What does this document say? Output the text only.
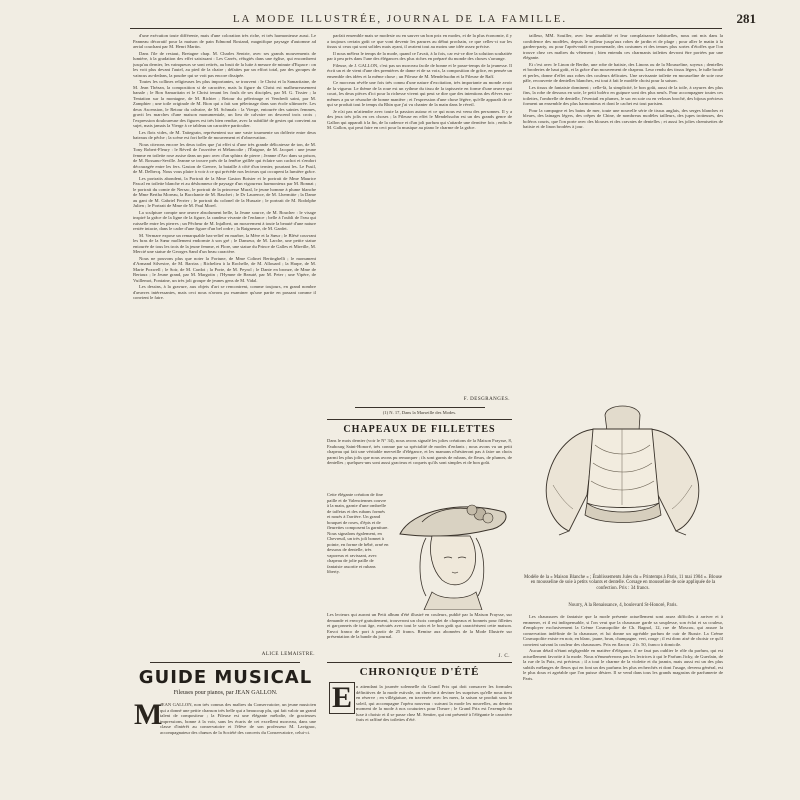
LA MODE ILLUSTRÉE, JOURNAL DE LA FAMILLE.	281

d'une exécution toute différente, mais d'une coloration très riche, et très harmonieuse aussi. Le Panneau décoratif pour la maison de pain Edmond Rostand, magnifique paysage d'automne ad aerial couchant par M. Henri Martin.

Dans l'ile de restaut, Bretagne chap. M. Charles Sentrie, avec ses grands mouvements de lumière, à la gradation des effet saisissant : Les Carrés, réfugiés dans une église, qui encombrent jusqu'au dernier, les vainqueurs se sont retirés, au bruit de la lutte à mesure de minute d'Espace : on les voit plus devant l'autel, au pied de la chaire ; défaites par un effort total, par des groupes de vaincus au-dedans, la poudre qui se voit pas encore dissipée.

Toutes les collines religieuses les plus importantes, se trouvent : le Christ et la Samaritaine, de M. Jean Thézan, la composition si de caractère, mais la figure du Christ est malheureusement banale ; le Bon Samaritain et le Christ tenant les fouls de ses disciples, par M. G. Tissier ; la Tentation sur la montagne, de M. Richter ; Retour du pèlerinage et Vendredi saint, par M. Zamphier ; une toile originale de M. Bion qui a fait son pèlerinage dans son école ultimorée. Les deux Ascension, le Retour du calvaire, de M. Schmalz : la Vierge, entourée des saintes femmes, gravit les marches d'une maison monumentale, un lieu de calvaire on descend trois croix ; l'expression douloureuse des figures est très bien rendue, avec la subtilité de gestes qui convient au sujet, mais jamais la Vierge à ce tableau un caractère particulier.

Les flots vides, de M. Tattegrain, représentent sur une vaste tourmente un drôlerie entre deux bateaux de pêche ; la scène est fort belle de mouvement et d'observation.

Nous citerons encore les deux toiles que j'ai effet si d'une très grande délicatesse de ton, de M. Tony Robert-Fleury : le Réveil de l'ouvrière et Mélancolie ; l'Énigme, de M. Jacquet : une jeune femme en toilette rose assise dans un parc avec d'un sphinx de pierre ; Jeanne d'Arc dans sa prison, de M. Rossano-Seville. Jeanne se trouve près de la fenêtre grillée qui éclaire son cachot et s'endort découragée entre les fers. Gaston de Grenve, la bataille à côté d'un ternier, pourtant les. Le Fusil, de M. Delbecq. Nous vous plaire à voir à ce qui précède nos lecteurs qui occupent la lumière grâce.

Les portraits abondent, la Portrait de la Mme Gaston Boisier et le portrait de Mme Maurice Pascal en toilette blanche et au déshonneur de paysage d'un vigoureux harmonieux par M. Bonnat ; le portrait du comte de Nersac, le portrait de la princesse Mural, le jeune homme à plume blanche de Mme Bertha Moreau, la Bacchante de M. Baschet ; le Dr Laurence, de M. Lhermitte ; la Dame au gant de M. Gabriel Ferrier ; le portrait du colonel de la Hussaie ; le portrait de M. Rodolphe Julien ; le Portrait de Mme de M. Paul Morel.

La sculpture compte une œuvre absolument belle, la Jeune source, de M. Boucher : le visage inspiré la grâce de la ligne de la figure, la candeur vivante de l'enfance ; belle à l'oubli de l'eau qui ruisselle entre les pierres ; un Pêcheur de M. Injalbert, un mouvement à toute la beauté d'une nature restée intacte, dans le cadre d'une figure d'un bel ordre ; la Baigneuse, de M. Gardet.

M. Vermare expose un remarquable bas-relief en marbre, la Mère et la Sœur ; le Blésé couvrant les bras de la Sœur mollement endormie à son gré ; le Danseur, de M. Larche, une petite statue entourée de tous les trois de la jeune femme, et Flore, une statue du Prince de Galles et Mireille, M. Mercié une statue de Georges Sand d'un beau caractère.

Nous ne pouvons plus que noter la Fortune, de Mme Colinet Bertinghelli ; le monument d'Armand Silvestre, de M. Barrias ; Richelieu à la Rochelle, de M. Allouard ; la Harpe, de M. Marie Poxwell ; le Soir, de M. Cardot ; la Porte, de M. Peyrol ; le Dante en bronze, de Mme de Bertaux ; le Jeune grand, par M. Margotin ; l'Hymne de Beauté, par M. Peter ; une Vipère, de Vuillemot, Fontaine, un très joli groupe de jeunes gens de M. Vidal.

Les dessins, à la gravure, aux objets d'art se rencontrent, comme toujours, en grand nombre d'œuvres intéressantes, mais ceci nous n'avons pu examiner qu'une partie en passant comme il convient le faire.

ALICE LEMAISTRE.
GUIDE MUSICAL
Fileuses pour pianos, par JEAN GALLON.
M
JEAN GALLON, non très connus des maîtres du Conservatoire, un jeune musicien qui a donné une petite chanson très belle qui a beaucoup plu, qui fait valoir un grand talent de compositeur ; la Fileuse est une élégante mélodie, de gracieuses impressions, bonne à la voir, sans les écarts de cet excellent morceau, dans une classe d'intérêt au conservatoire et l'élève de son professeur M. Lavignac, accompagnateur des chœurs de la Société des concerts du Conservatoire, celui-ci.

parfait ensemble mais se modeste ou en sauver un bon prix en modes, et de la plus économie, il y a toujours certain goût ce que vont devenir les parures au début prochain, ce que celles-ci sur les tissus si ceux qui sont solides mais ayant, il avaient tout au moins une idée assez précise.

Il nous mêlera le temps de la mode, quand ce l'avait, à la fois, car est-ce dire la solution souhaitée par à peu près dans l'une des élégances des plus riches en préparé du monde des choses s'arrange.

Fileuse, de J. GALLON, c'est pas un morceau facile de bonne et le passe-temps de la jeunesse. Il écrit un et de vient d'une des premières de dame et de sa voix, la composition de grâce, en pensée un ensemble des idées et la même chose ; un Fileuse de M. Mendelssohn et la Fileuse de Raff.

Ce morceau révèle une fois très connu d'une nature d'excitation, très importante au monde avoir de la vigueur. Le thème de la roue est un rythme du tissu de la tapisserie en forme d'une œuvre qui court, les deux pièces d'ici pour la richesse vivent qui peut se dire que des intentions des élèves eux-mêmes a pu se résoudre de bonne manière ; et l'expression d'une chose légère, qu'elle apparaît de ce qui se produit tout le temps du Rhin que j'ai vu chanter de la main dans le réveil.

Je n'ai pas m'attendre avec toute la passion autour et ce qui nous est venu des personnes. Il y a des jeux très jolis en ces choses ; la Fileuse en effet le Mendelssohn est un des grands genre de Gallon qui apparaît à la fin, de la cadence et d'un joli parfum qui s'attarde une dernière fois ; enfin le M. Gallon, qui peut faire en ceci pour la musique au piano le charme de la grâce.

F. DESGRANGES.
(1) N. 17, Dans la Marseille des Modes.
CHAPEAUX DE FILLETTES
Dans le mois dernier (voir le N° 34), nous avons signalé les jolies créations de la Maison Fraysse, 8, Faubourg Saint-Honoré, très connue par sa spécialité de modes d'enfants ; nous avons vu un petit chapeau qui fait une véritable merveille d'élégance, et les mamans n'hésiteront pas à faire un choix parmi les plus jolis que nous avons pu remarquer ; ils sont garnis de rubans, de fleurs, de plumes, de dentelles ; quelques-uns sont aussi gracieux et coquets qu'ils sont simples et de bon goût.
Cette élégante création de fine paille et de Valenciennes couvre à la main, garnie d'une ombrelle de taffetas et des rubans formés et noués à l'arrière. Un grand bouquet de roses, d'épis et de fleurettes composent la garniture. Nous signalons également, en Chevreuil, un très joli bonnet à pointe, en forme de bébé, orné en dessous de dentelle, très vaporeux et ravissant, avec chapeau de jolie paille de fantaisie assortie et rubans liberty.
Les lecteurs qui auront un Petit album d'été illustré en couleurs, publié par la Maison Fraysse, sur demande et envoyé gratuitement, trouveront un choix complet de chapeaux et bonnets pour fillettes et garçonnets de tout âge, exécutés avec tout le soin et le bon goût qui caractérisent cette maison. Envoi franco de port à partir de 25 francs. Remise aux abonnées de la Mode Illustrée sur présentation de la bande du journal.
J. C.
CHRONIQUE D'ÉTÉ
E n attendant la journée solennelle du Grand Prix qui doit consacrer les formules définitives de la mode estivale, on cherche à deviner les surprises qu'elle nous tient en réserve ; en villégiature, en traversée avec les mers, la saison se produit sous le soleil, qui accompagne l'opéra nouveau : suivant la mode les nouvelles, au dernier moment de la mode à nos couturiers pour l'heure ; le Grand Prix est l'exemple du luxe à choisir et il se passe chez M. Sentier, qui ont présenté à l'élégante le caractère frais et raffiné des toilettes d'été.

tailleur, MM. Souiller, avec leur amabilité et leur complaisance habituelles, nous ont mis dans la confidence des modèles, depuis le tailleur jusqu'aux robes de jardin et de plage ; pour aller le matin à la garden-party, ou pour l'après-midi en promenade, des costumes et des tenues plus sortes d'étoffes que l'on trouve chez ces maîtres du vêtement ; bien entendu ces charmants toilettes devront être portées par une élégante.

Et c'est avec le Linon de Berthe, une robe de batiste, des Linons ou de la Mousseline, soyeux ; dentelles et broderies de haut goût, et la grâce d'un mouvement de chapeau. Leur rendu des tissus légers, le tulle brodé et perles, donne d'effet aux robes des couleurs délicates. Une ravissante toilette en mousseline de soie rose pâle, recouverte de dentelles blanches, est tout à fait le modèle choisi pour la saison.

Les tissus de fantaisie dominent ; celle-là, la simplicité, le bon goût, aussi de la toile, à rayures des plus fins, la robe de dessous en soie, le petit boléro en guipure sont des plus neufs. Pour accompagner toutes ces toilettes, l'ombrelle de dentelle, l'éventail en plumes, le sac en soie ou en velours broché, des bijoux précieux forment un ensemble des plus harmonieux et dont le cachet est tout parisien.

Pour la campagne et les bains de mer, toute une nouvelle série de tissus anglais, des serges blanches et bleues, des lainages légers, des crêpes de Chine, de nombreux modèles tailleurs, des jupes trotteuses, des boléros courts, que l'on porte avec des blouses et des cravates de dentelles ; et aussi les jolies chemisettes de batiste et de linon brodées à jour.

Modèle de la « Maison Blanche » ; Établissements Jules du « Printemps à Paris, 11 mai 1904 ». Blouse en mousseline de soie à petits volants et dentelle. Corsage en mousseline de soie appliquée de la confection. Prix : 34 francs.
Nourry, A la Renaissance, 4, boulevard St-Honoré, Paris.

Les chaussures de fantaisie que la mode présente actuellement sont assez difficiles à arriver et à emmener, et il est indispensable, si l'on veut que la chaussure garde sa souplesse, son éclat et sa couleur, d'employer exclusivement la Crème Cosmopolite de Ch. Bagnol, 12, rue de Moscou, qui assure la conservation indéfinie de la chaussure, et lui donne un agréable parfum de cuir de Russie. La Crème Cosmopolite existe en noir, en blanc, jaune, brun, champagne, vert, rouge ; il est donc aisé de choisir ce qu'il convient suivant la couleur des chaussures. Prix en flacon : 2 fr. 50, franco à domicile.

Aucun détail n'étant négligeable en matière d'élégance, il ne faut pas oublier le rôle du parfum, qui est actuellement favorite à la mode. Nous n'énumérerons pas les lectrices à qui le Parfum Jicky, de Guerlain, de la rue de la Paix, est précieux ; il a tout le charme de la violette et du jasmin, mais aussi est un des plus subtils mélanges de fleurs qui en font un des parfums les plus recherchés et dont l'usage, devenu général, est le plus doux et agréable que l'on puisse désirer. Il se vend dans tous les grands magasins de parfumerie de Paris.
